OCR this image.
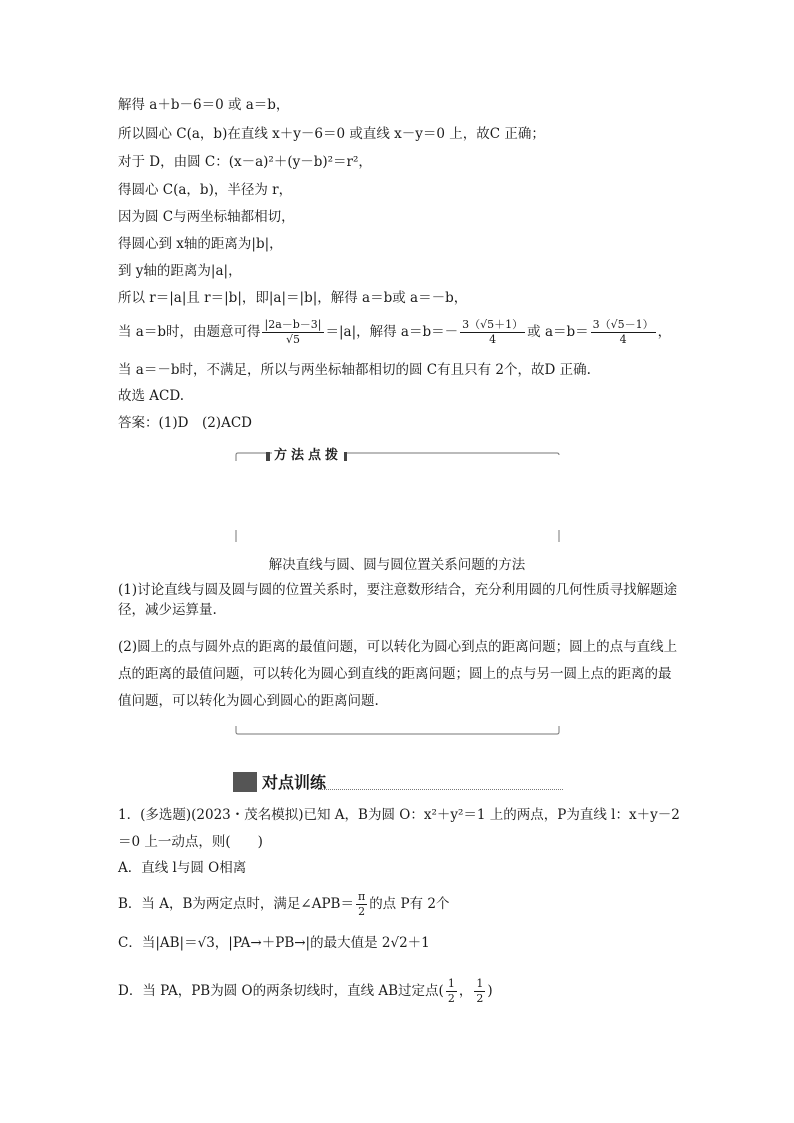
解得 a＋b－6＝0 或 a＝b，
所以圆心 C(a，b)在直线 x＋y－6＝0 或直线 x－y＝0 上，故C 正确；
对于 D，由圆 C：(x－a)²＋(y－b)²＝r²，
得圆心 C(a，b)，半径为 r，
因为圆 C与两坐标轴都相切，
得圆心到 x轴的距离为|b|，
到 y轴的距离为|a|，
所以 r＝|a|且 r＝|b|，即|a|＝|b|，解得 a＝b或 a＝－b，
当 a＝b时，由题意可得 $\frac{|2a-b-3|}{√5} =|a|$，解得 $a=b=- \frac{3(√5+1)}{4}$ 或 $a=b= \frac{3(√5-1)}{4}$ ，
当 a＝－b时，不满足，所以与两坐标轴都相切的圆 C有且只有 2个，故D 正确.
故选 ACD.
答案：(1)D　(2)ACD
方法点拨
解决直线与圆、圆与圆位置关系问题的方法
(1)讨论直线与圆及圆与圆的位置关系时，要注意数形结合，充分利用圆的几何性质寻找解题途径，减少运算量.
(2)圆上的点与圆外点的距离的最值问题，可以转化为圆心到点的距离问题；圆上的点与直线上点的距离的最值问题，可以转化为圆心到直线的距离问题；圆上的点与另一圆上点的距离的最值问题，可以转化为圆心到圆心的距离问题.
对点训练
1．(多选题)(2023・茂名模拟)已知 A，B为圆 O：x²＋y²＝1 上的两点，P为直线 l：x＋y－2＝0 上一动点，则(　　)
A．直线 l与圆 O相离
B．当 A，B为两定点时，满足∠APB＝ $\frac{\pi}{2}$ 的点 P有 2个
C．当|AB|＝√3，|PA→＋PB→|的最大值是 2√2＋1
D．当 PA，PB为圆 O的两条切线时，直线 AB过定点( $\frac{1}{2}$ ， $\frac{1}{2}$ )
